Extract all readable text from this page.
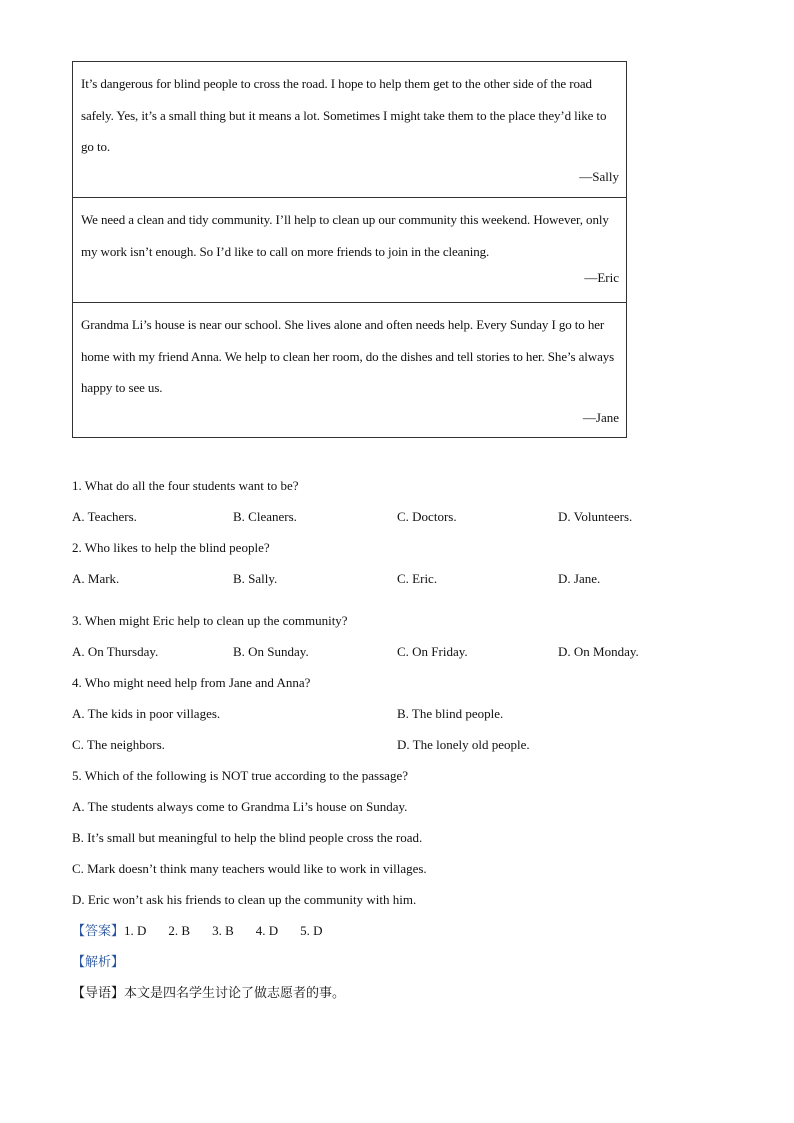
It’s dangerous for blind people to cross the road. I hope to help them get to the other side of the road safely. Yes, it’s a small thing but it means a lot. Sometimes I might take them to the place they’d like to go to.

—Sally

We need a clean and tidy community. I’ll help to clean up our community this weekend. However, only my work isn’t enough. So I’d like to call on more friends to join in the cleaning.

—Eric

Grandma Li’s house is near our school. She lives alone and often needs help. Every Sunday I go to her home with my friend Anna. We help to clean her room, do the dishes and tell stories to her. She’s always happy to see us.

—Jane

1. What do all the four students want to be?
A. Teachers.	B. Cleaners.	C. Doctors.	D. Volunteers.
2. Who likes to help the blind people?
A. Mark.	B. Sally.	C. Eric.	D. Jane.
3. When might Eric help to clean up the community?
A. On Thursday.	B. On Sunday.	C. On Friday.	D. On Monday.
4. Who might need help from Jane and Anna?
A. The kids in poor villages.	B. The blind people.
C. The neighbors.	D. The lonely old people.
5. Which of the following is NOT true according to the passage?
A. The students always come to Grandma Li’s house on Sunday.
B. It’s small but meaningful to help the blind people cross the road.
C. Mark doesn’t think many teachers would like to work in villages.
D. Eric won’t ask his friends to clean up the community with him.
【答案】1. D 2. B 3. B 4. D 5. D
【解析】
【导语】本文是四名学生讨论了做志愿者的事。
